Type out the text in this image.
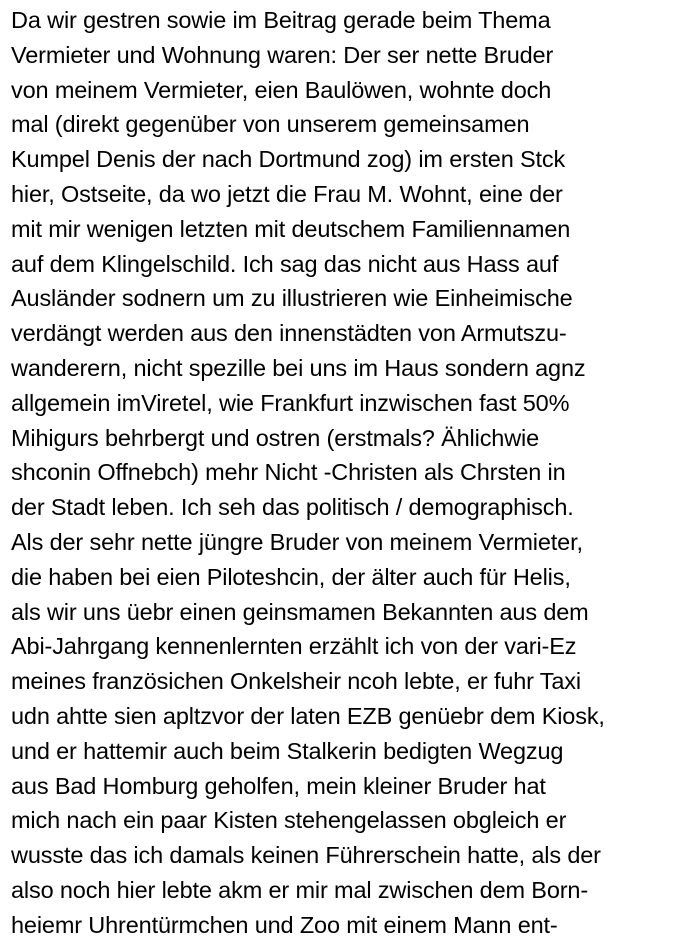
Da wir gestren sowie im Beitrag gerade beim Thema
Vermieter und Wohnung waren: Der ser nette Bruder
von meinem Vermieter, eien Baulöwen, wohnte doch
mal (direkt gegenüber von unserem gemeinsamen
Kumpel Denis der nach Dortmund zog) im ersten Stck
hier, Ostseite, da wo jetzt die Frau M. Wohnt, eine der
mit mir wenigen letzten mit deutschem Familiennamen
auf dem Klingelschild. Ich sag das nicht aus Hass auf
Ausländer sodnern um zu illustrieren wie Einheimische
verdängt werden aus den innenstädten von Armutszu-
wanderern, nicht spezille bei uns im Haus sondern agnz
allgemein imViretel, wie Frankfurt inzwischen fast 50%
Mihigurs behrbergt und ostren (erstmals? Ählichwie
shconin Offnebch) mehr Nicht -Christen als Chrsten in
der Stadt leben. Ich seh das politisch / demographisch.
Als der sehr nette jüngre Bruder von meinem Vermieter,
die haben bei eien Piloteshcin, der älter auch für Helis,
als wir uns üebr einen geinsmamen Bekannten aus dem
Abi-Jahrgang kennenlernten erzählt ich von der vari-Ez
meines französichen Onkelsheir ncoh lebte, er fuhr Taxi
udn ahtte sien apltzvor der laten EZB genüebr dem Kiosk,
und er hattemir auch beim Stalkerin bedigten Wegzug
aus Bad Homburg geholfen, mein kleiner Bruder hat
mich nach ein paar Kisten stehengelassen obgleich er
wusste das ich damals keinen Führerschein hatte, als der
also noch hier lebte akm er mir mal zwischen dem Born-
heiemr Uhrentürmchen und Zoo mit einem Mann ent-
